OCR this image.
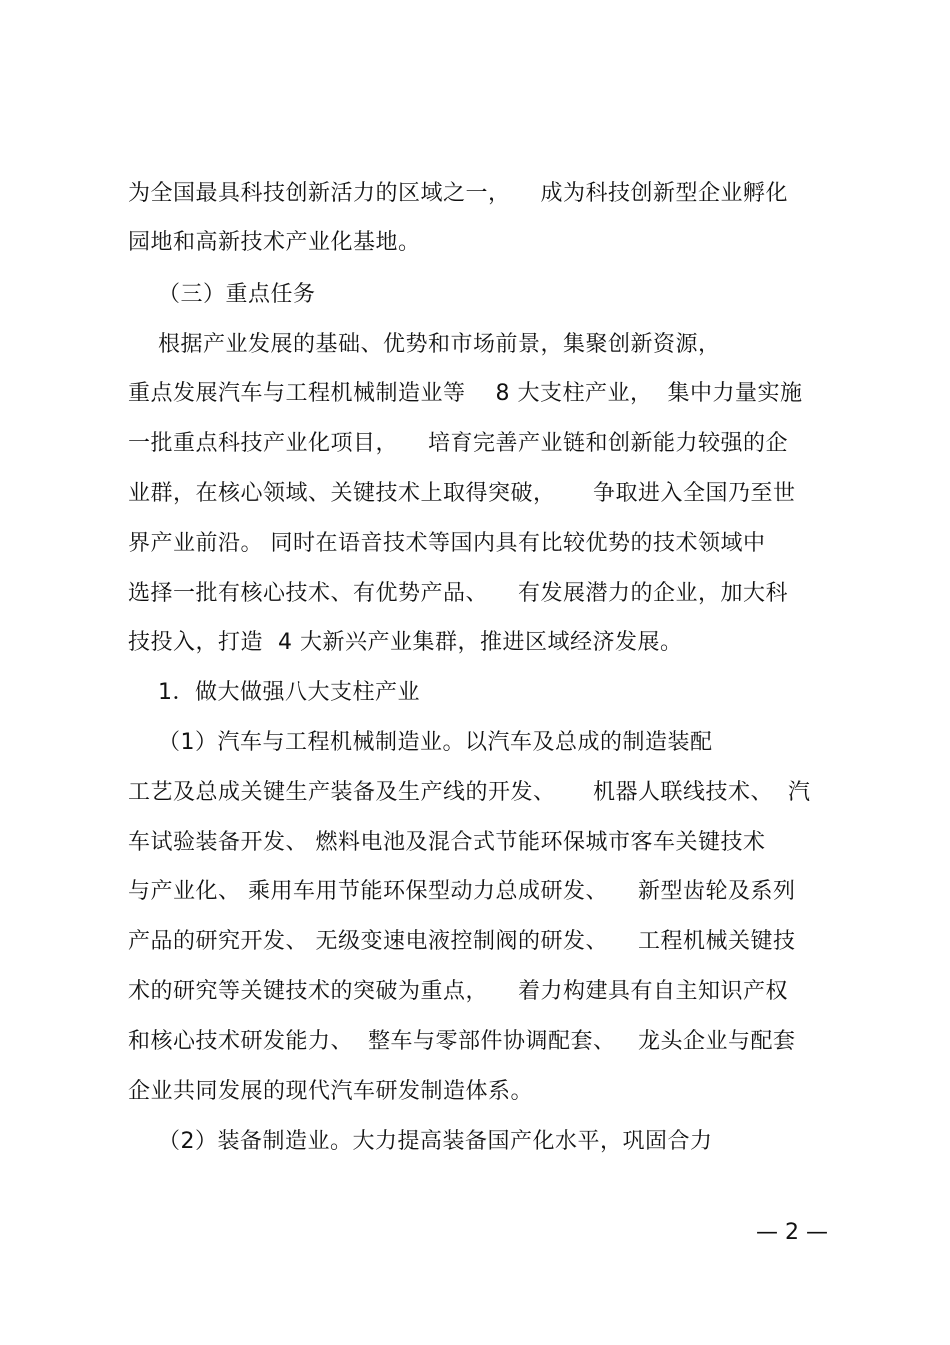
为全国最具科技创新活力的区域之一，    成为科技创新型企业孵化
园地和高新技术产业化基地。
（三）重点任务
根据产业发展的基础、优势和市场前景，集聚创新资源，
重点发展汽车与工程机械制造业等    8 大支柱产业，  集中力量实施
一批重点科技产业化项目，    培育完善产业链和创新能力较强的企
业群，在核心领域、关键技术上取得突破，     争取进入全国乃至世
界产业前沿。 同时在语音技术等国内具有比较优势的技术领域中
选择一批有核心技术、有优势产品、    有发展潜力的企业，加大科
技投入，打造  4 大新兴产业集群，推进区域经济发展。
1．做大做强八大支柱产业
（1）汽车与工程机械制造业。以汽车及总成的制造装配
工艺及总成关键生产装备及生产线的开发、     机器人联线技术、  汽
车试验装备开发、 燃料电池及混合式节能环保城市客车关键技术
与产业化、 乘用车用节能环保型动力总成研发、    新型齿轮及系列
产品的研究开发、 无级变速电液控制阀的研发、    工程机械关键技
术的研究等关键技术的突破为重点，    着力构建具有自主知识产权
和核心技术研发能力、  整车与零部件协调配套、   龙头企业与配套
企业共同发展的现代汽车研发制造体系。
（2）装备制造业。大力提高装备国产化水平，巩固合力
— 2 —
